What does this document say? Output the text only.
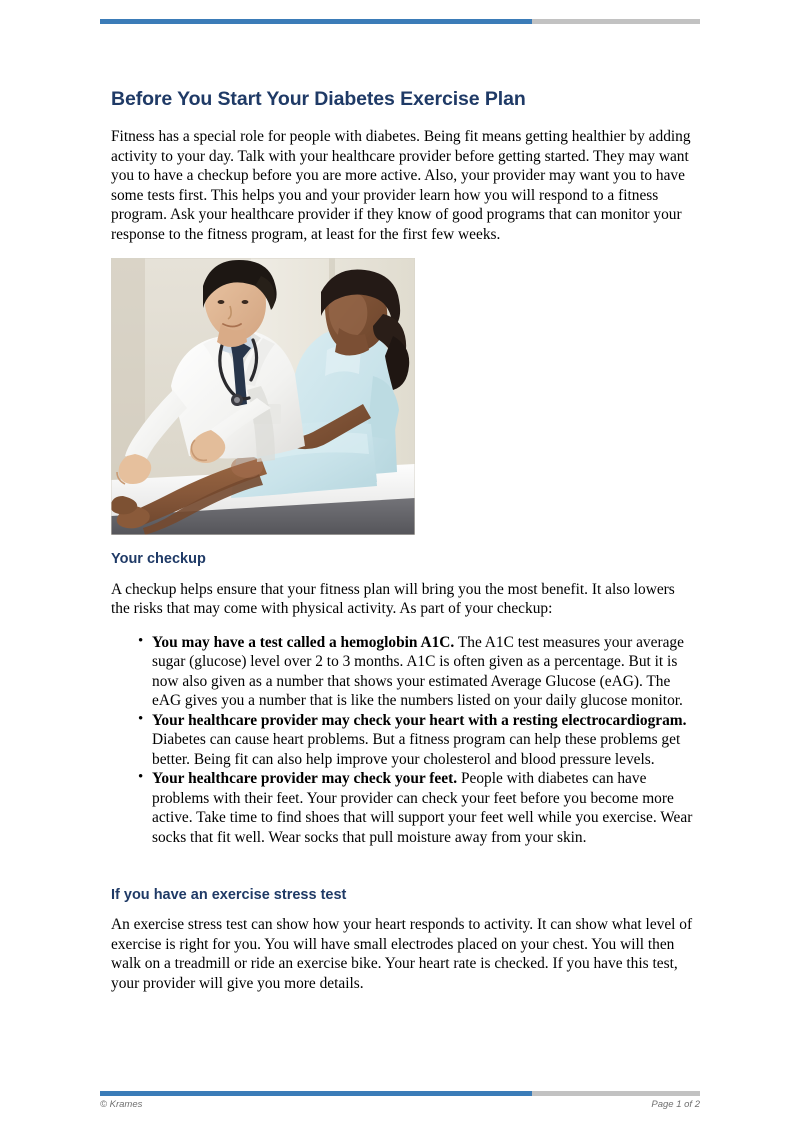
Before You Start Your Diabetes Exercise Plan

Fitness has a special role for people with diabetes. Being fit means getting healthier by adding activity to your day. Talk with your healthcare provider before getting started. They may want you to have a checkup before you are more active. Also, your provider may want you to have some tests first. This helps you and your provider learn how you will respond to a fitness program. Ask your healthcare provider if they know of good programs that can monitor your response to the fitness program, at least for the first few weeks.

Your checkup

A checkup helps ensure that your fitness plan will bring you the most benefit. It also lowers the risks that may come with physical activity. As part of your checkup:

• You may have a test called a hemoglobin A1C. The A1C test measures your average sugar (glucose) level over 2 to 3 months. A1C is often given as a percentage. But it is now also given as a number that shows your estimated Average Glucose (eAG). The eAG gives you a number that is like the numbers listed on your daily glucose monitor.
• Your healthcare provider may check your heart with a resting electrocardiogram. Diabetes can cause heart problems. But a fitness program can help these problems get better. Being fit can also help improve your cholesterol and blood pressure levels.
• Your healthcare provider may check your feet. People with diabetes can have problems with their feet. Your provider can check your feet before you become more active. Take time to find shoes that will support your feet well while you exercise. Wear socks that fit well. Wear socks that pull moisture away from your skin.
If you have an exercise stress test

An exercise stress test can show how your heart responds to activity. It can show what level of exercise is right for you. You will have small electrodes placed on your chest. You will then walk on a treadmill or ride an exercise bike. Your heart rate is checked. If you have this test, your provider will give you more details.

© Krames	Page 1 of 2
